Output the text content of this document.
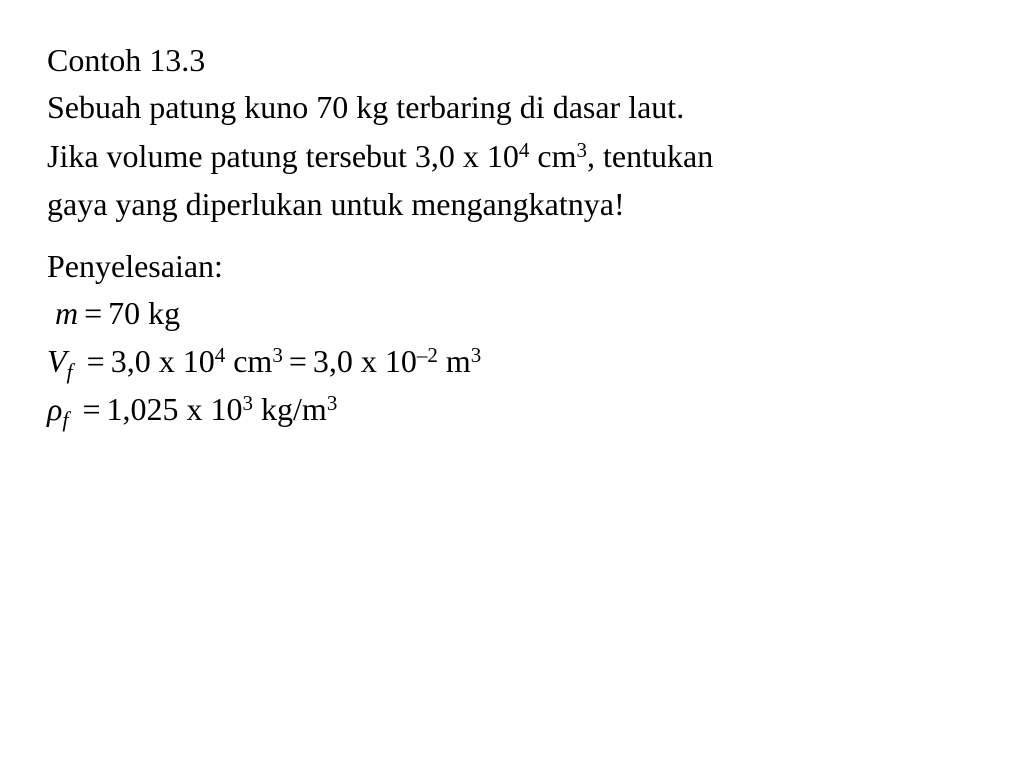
Contoh 13.3
Sebuah patung kuno 70 kg terbaring di dasar laut.
Jika volume patung tersebut 3,0 x $10^4$ $cm^3$, tentukan
gaya yang diperlukan untuk mengangkatnya!
Penyelesaian:
m = 70 kg
$V_f = 3,0$ x $10^4$ $cm^3 = 3,0$ x $10^{-2}$ $m^3$
$\rho_f = 1,025$ x $10^3$ $kg/m^3$
